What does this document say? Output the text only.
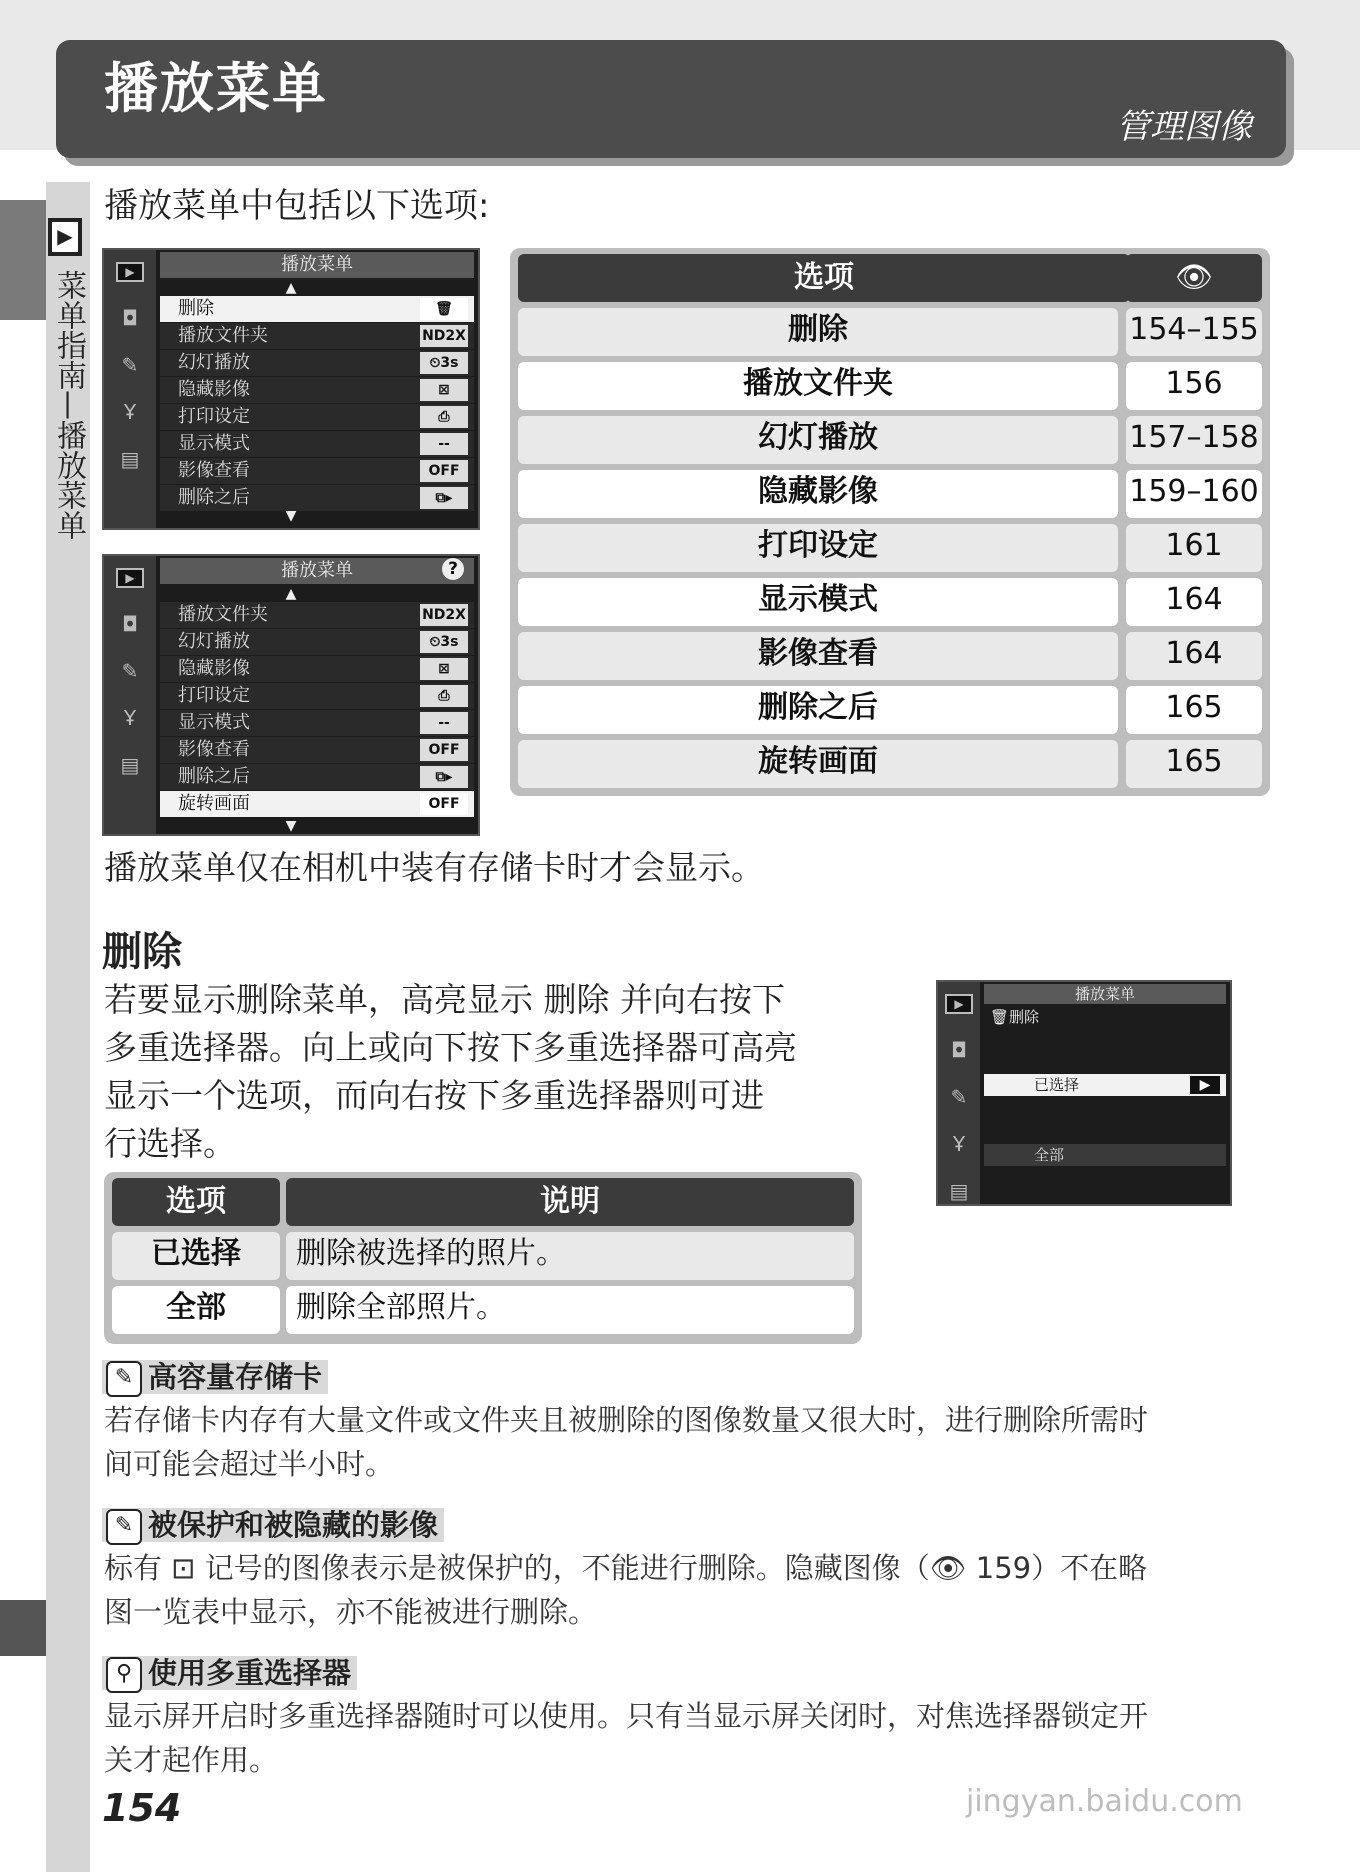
播放菜单
管理图像
▶
菜单指南—播放菜单
播放菜单中包括以下选项:
▶
◘
✎
Ұ
▤
播放菜单
▲
删除	🗑
播放文件夹	ND2X
幻灯播放	⏲3s
隐藏影像	⊠
打印设定	⎙
显示模式	--
影像查看	OFF
删除之后	⧉▸
▼
▶
◘
✎
Ұ
▤
播放菜单	?
▲
播放文件夹	ND2X
幻灯播放	⏲3s
隐藏影像	⊠
打印设定	⎙
显示模式	--
影像查看	OFF
删除之后	⧉▸
旋转画面	OFF
▼
选项	👁
删除	154–155
播放文件夹	156
幻灯播放	157–158
隐藏影像	159–160
打印设定	161
显示模式	164
影像查看	164
删除之后	165
旋转画面	165
播放菜单仅在相机中装有存储卡时才会显示。
删除
若要显示删除菜单，高亮显示 删除 并向右按下
多重选择器。向上或向下按下多重选择器可高亮
显示一个选项，而向右按下多重选择器则可进
行选择。
▶
◘
✎
Ұ
▤
播放菜单
🗑删除
已选择	▶
全部
选项	说明
已选择	删除被选择的照片。
全部	删除全部照片。
✎ 高容量存储卡
若存储卡内存有大量文件或文件夹且被删除的图像数量又很大时，进行删除所需时
间可能会超过半小时。
✎ 被保护和被隐藏的影像
标有 ⊡ 记号的图像表示是被保护的，不能进行删除。隐藏图像（👁 159）不在略
图一览表中显示，亦不能被进行删除。
⚲ 使用多重选择器
显示屏开启时多重选择器随时可以使用。只有当显示屏关闭时，对焦选择器锁定开
关才起作用。
154	jingyan.baidu.com
